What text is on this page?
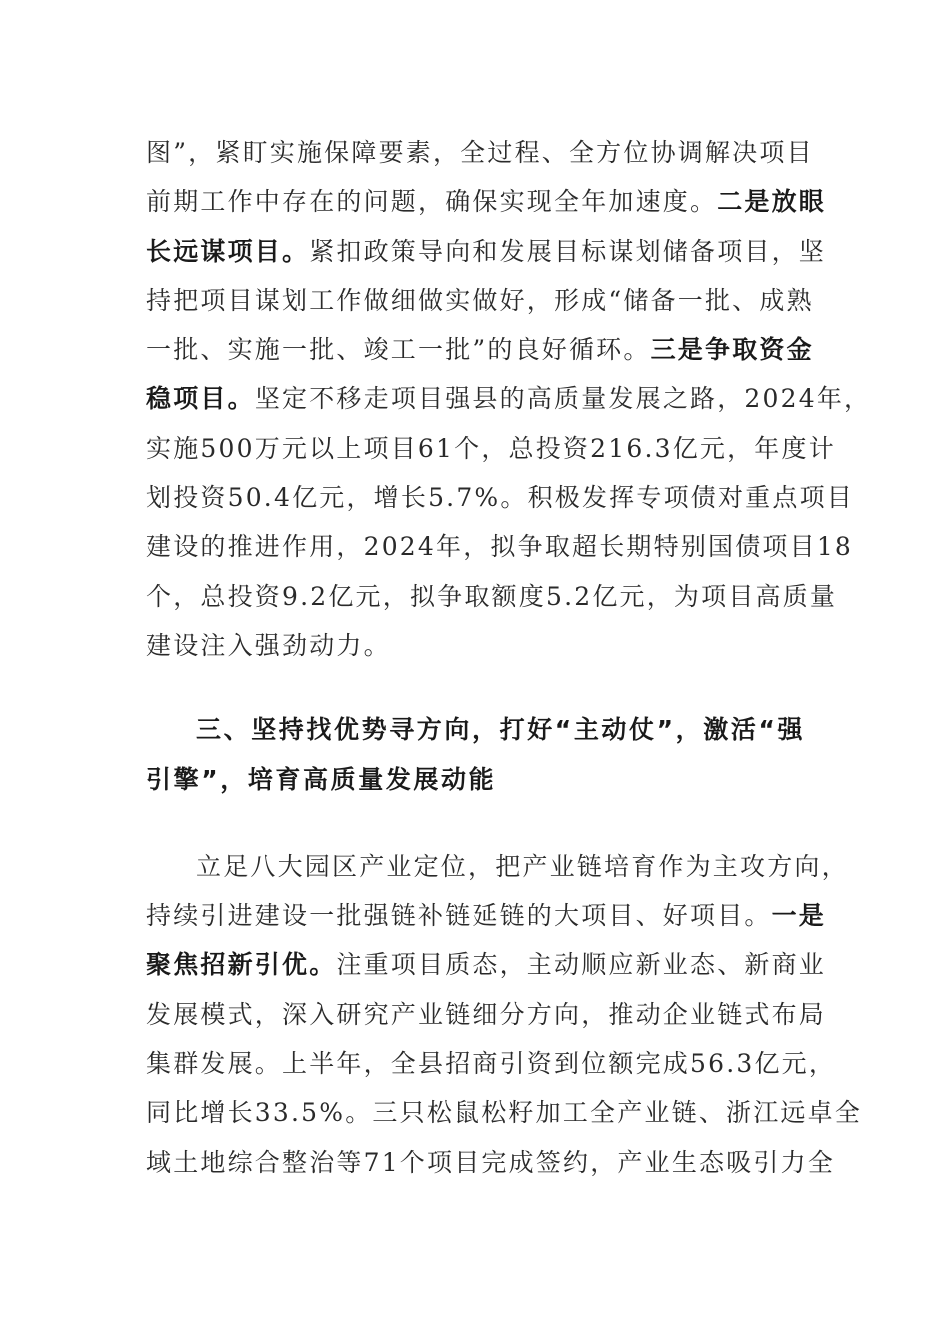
图”，紧盯实施保障要素，全过程、全方位协调解决项目
前期工作中存在的问题，确保实现全年加速度。二是放眼
长远谋项目。紧扣政策导向和发展目标谋划储备项目，坚
持把项目谋划工作做细做实做好，形成“储备一批、成熟
一批、实施一批、竣工一批”的良好循环。三是争取资金
稳项目。坚定不移走项目强县的高质量发展之路，2024年，
实施500万元以上项目61个，总投资216.3亿元，年度计
划投资50.4亿元，增长5.7%。积极发挥专项债对重点项目
建设的推进作用，2024年，拟争取超长期特别国债项目18
个，总投资9.2亿元，拟争取额度5.2亿元，为项目高质量
建设注入强劲动力。
三、坚持找优势寻方向，打好“主动仗”，激活“强
引擎”，培育高质量发展动能
立足八大园区产业定位，把产业链培育作为主攻方向，
持续引进建设一批强链补链延链的大项目、好项目。一是
聚焦招新引优。注重项目质态，主动顺应新业态、新商业
发展模式，深入研究产业链细分方向，推动企业链式布局
集群发展。上半年，全县招商引资到位额完成56.3亿元，
同比增长33.5%。三只松鼠松籽加工全产业链、浙江远卓全
域土地综合整治等71个项目完成签约，产业生态吸引力全
